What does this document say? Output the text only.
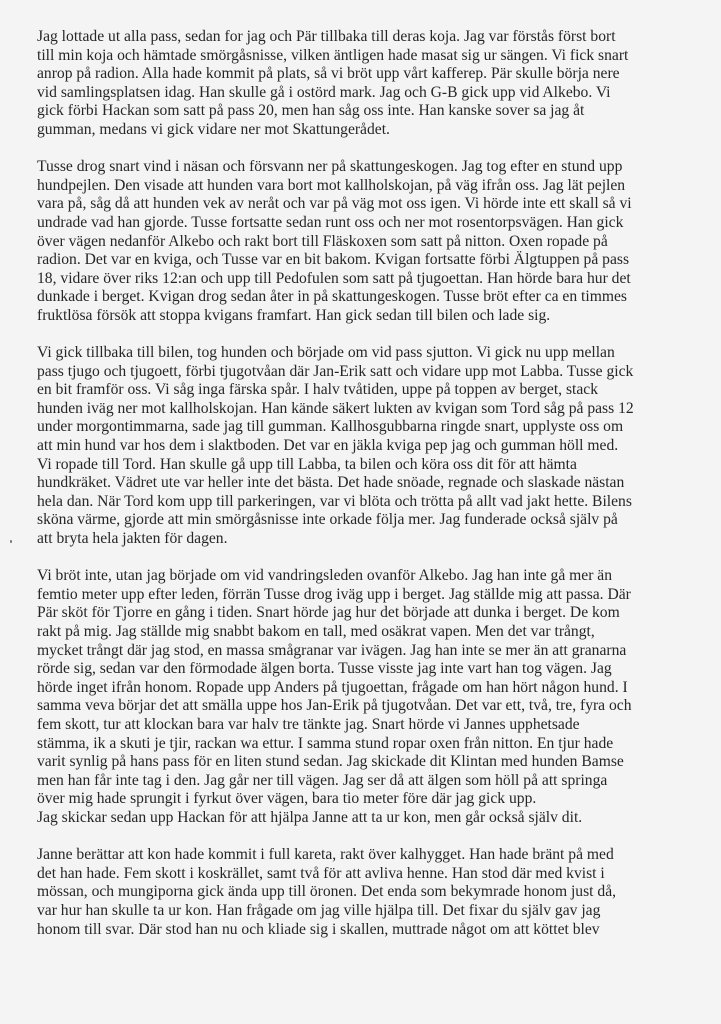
Jag lottade ut alla pass, sedan for jag och Pär tillbaka till deras koja. Jag var förstås först bort
till min koja och hämtade smörgåsnisse, vilken äntligen hade masat sig ur sängen. Vi fick snart
anrop på radion. Alla hade kommit på plats, så vi bröt upp vårt kafferep. Pär skulle börja nere
vid samlingsplatsen idag. Han skulle gå i ostörd mark. Jag och G-B gick upp vid Alkebo. Vi
gick förbi Hackan som satt på pass 20, men han såg oss inte. Han kanske sover sa jag åt
gumman, medans vi gick vidare ner mot Skattungerådet.
Tusse drog snart vind i näsan och försvann ner på skattungeskogen. Jag tog efter en stund upp
hundpejlen. Den visade att hunden vara bort mot kallholskojan, på väg ifrån oss. Jag lät pejlen
vara på, såg då att hunden vek av neråt och var på väg mot oss igen. Vi hörde inte ett skall så vi
undrade vad han gjorde. Tusse fortsatte sedan runt oss och ner mot rosentorpsvägen. Han gick
över vägen nedanför Alkebo och rakt bort till Fläskoxen som satt på nitton. Oxen ropade på
radion. Det var en kviga, och Tusse var en bit bakom. Kvigan fortsatte förbi Älgtuppen på pass
18, vidare över riks 12:an och upp till Pedofulen som satt på tjugoettan. Han hörde bara hur det
dunkade i berget. Kvigan drog sedan åter in på skattungeskogen. Tusse bröt efter ca en timmes
fruktlösa försök att stoppa kvigans framfart. Han gick sedan till bilen och lade sig.
Vi gick tillbaka till bilen, tog hunden och började om vid pass sjutton. Vi gick nu upp mellan
pass tjugo och tjugoett, förbi tjugotvåan där Jan-Erik satt och vidare upp mot Labba. Tusse gick
en bit framför oss. Vi såg inga färska spår. I halv tvåtiden, uppe på toppen av berget, stack
hunden iväg ner mot kallholskojan. Han kände säkert lukten av kvigan som Tord såg på pass 12
under morgontimmarna, sade jag till gumman. Kallhosgubbarna ringde snart, upplyste oss om
att min hund var hos dem i slaktboden. Det var en jäkla kviga pep jag och gumman höll med.
Vi ropade till Tord. Han skulle gå upp till Labba, ta bilen och köra oss dit för att hämta
hundkräket. Vädret ute var heller inte det bästa. Det hade snöade, regnade och slaskade nästan
hela dan. När Tord kom upp till parkeringen, var vi blöta och trötta på allt vad jakt hette. Bilens
sköna värme, gjorde att min smörgåsnisse inte orkade följa mer. Jag funderade också själv på
att bryta hela jakten för dagen.
Vi bröt inte, utan jag började om vid vandringsleden ovanför Alkebo. Jag han inte gå mer än
femtio meter upp efter leden, förrän Tusse drog iväg upp i berget. Jag ställde mig att passa. Där
Pär sköt för Tjorre en gång i tiden. Snart hörde jag hur det började att dunka i berget. De kom
rakt på mig. Jag ställde mig snabbt bakom en tall, med osäkrat vapen. Men det var trångt,
mycket trångt där jag stod, en massa smågranar var ivägen. Jag han inte se mer än att granarna
rörde sig, sedan var den förmodade älgen borta. Tusse visste jag inte vart han tog vägen. Jag
hörde inget ifrån honom. Ropade upp Anders på tjugoettan, frågade om han hört någon hund. I
samma veva börjar det att smälla uppe hos Jan-Erik på tjugotvåan. Det var ett, två, tre, fyra och
fem skott, tur att klockan bara var halv tre tänkte jag. Snart hörde vi Jannes upphetsade
stämma, ik a skuti je tjir, rackan wa ettur. I samma stund ropar oxen från nitton. En tjur hade
varit synlig på hans pass för en liten stund sedan. Jag skickade dit Klintan med hunden Bamse
men han får inte tag i den. Jag går ner till vägen. Jag ser då att älgen som höll på att springa
över mig hade sprungit i fyrkut över vägen, bara tio meter före där jag gick upp.
Jag skickar sedan upp Hackan för att hjälpa Janne att ta ur kon, men går också själv dit.
Janne berättar att kon hade kommit i full kareta, rakt över kalhygget. Han hade bränt på med
det han hade. Fem skott i koskrället, samt två för att avliva henne. Han stod där med kvist i
mössan, och mungiporna gick ända upp till öronen. Det enda som bekymrade honom just då,
var hur han skulle ta ur kon. Han frågade om jag ville hjälpa till. Det fixar du själv gav jag
honom till svar. Där stod han nu och kliade sig i skallen, muttrade något om att köttet blev
